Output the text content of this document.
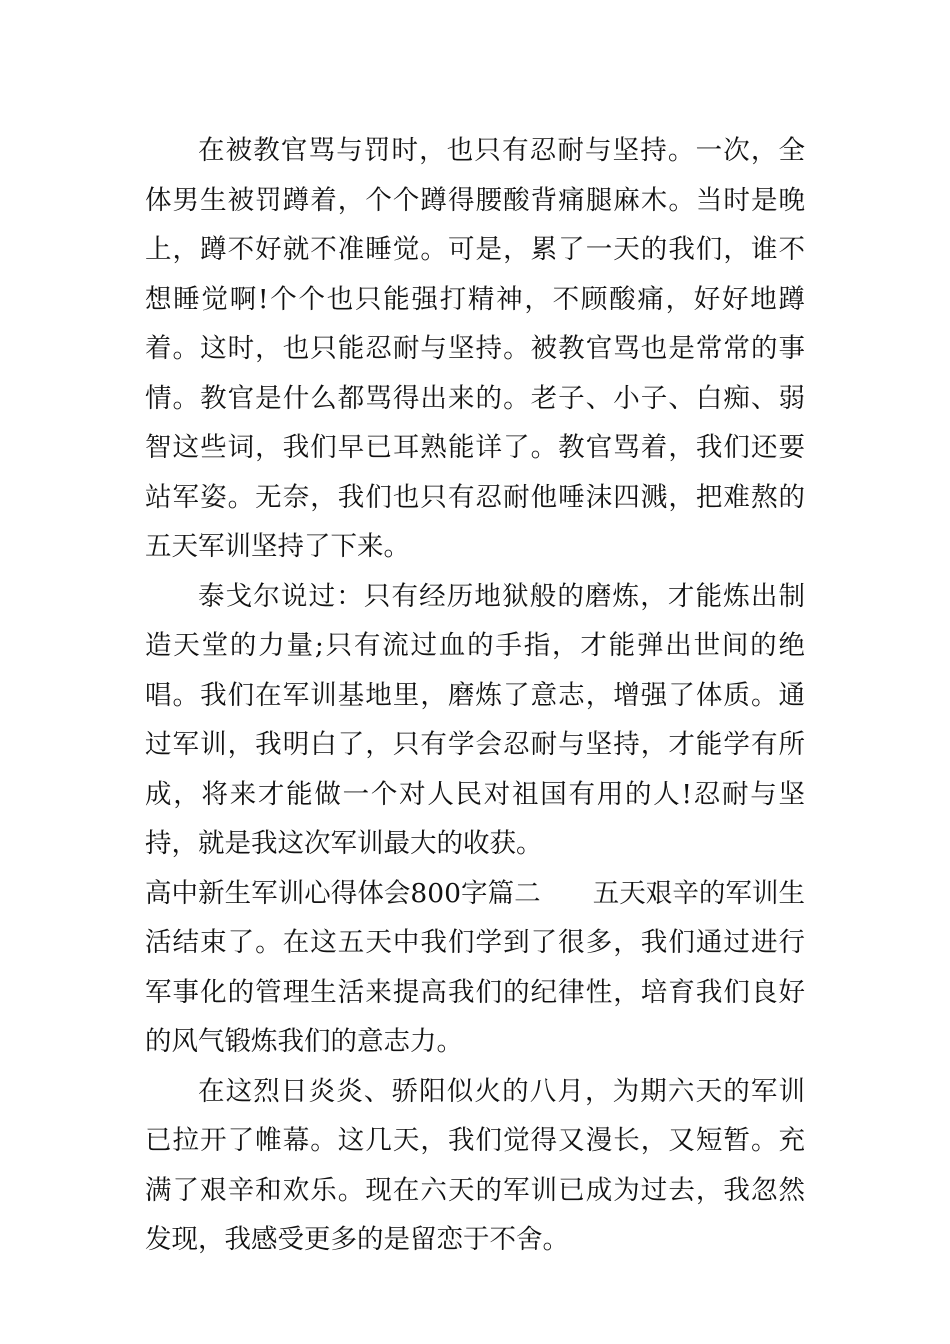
在被教官骂与罚时，也只有忍耐与坚持。一次，全体男生被罚蹲着，个个蹲得腰酸背痛腿麻木。当时是晚上，蹲不好就不准睡觉。可是，累了一天的我们，谁不想睡觉啊!个个也只能强打精神，不顾酸痛，好好地蹲着。这时，也只能忍耐与坚持。被教官骂也是常常的事情。教官是什么都骂得出来的。老子、小子、白痴、弱智这些词，我们早已耳熟能详了。教官骂着，我们还要站军姿。无奈，我们也只有忍耐他唾沫四溅，把难熬的五天军训坚持了下来。

泰戈尔说过：只有经历地狱般的磨炼，才能炼出制造天堂的力量;只有流过血的手指，才能弹出世间的绝唱。我们在军训基地里，磨炼了意志，增强了体质。通过军训，我明白了，只有学会忍耐与坚持，才能学有所成，将来才能做一个对人民对祖国有用的人!忍耐与坚持，就是我这次军训最大的收获。

高中新生军训心得体会800字篇二 五天艰辛的军训生活结束了。在这五天中我们学到了很多，我们通过进行军事化的管理生活来提高我们的纪律性，培育我们良好的风气锻炼我们的意志力。

在这烈日炎炎、骄阳似火的八月，为期六天的军训已拉开了帷幕。这几天，我们觉得又漫长，又短暂。充满了艰辛和欢乐。现在六天的军训已成为过去，我忽然发现，我感受更多的是留恋于不舍。
